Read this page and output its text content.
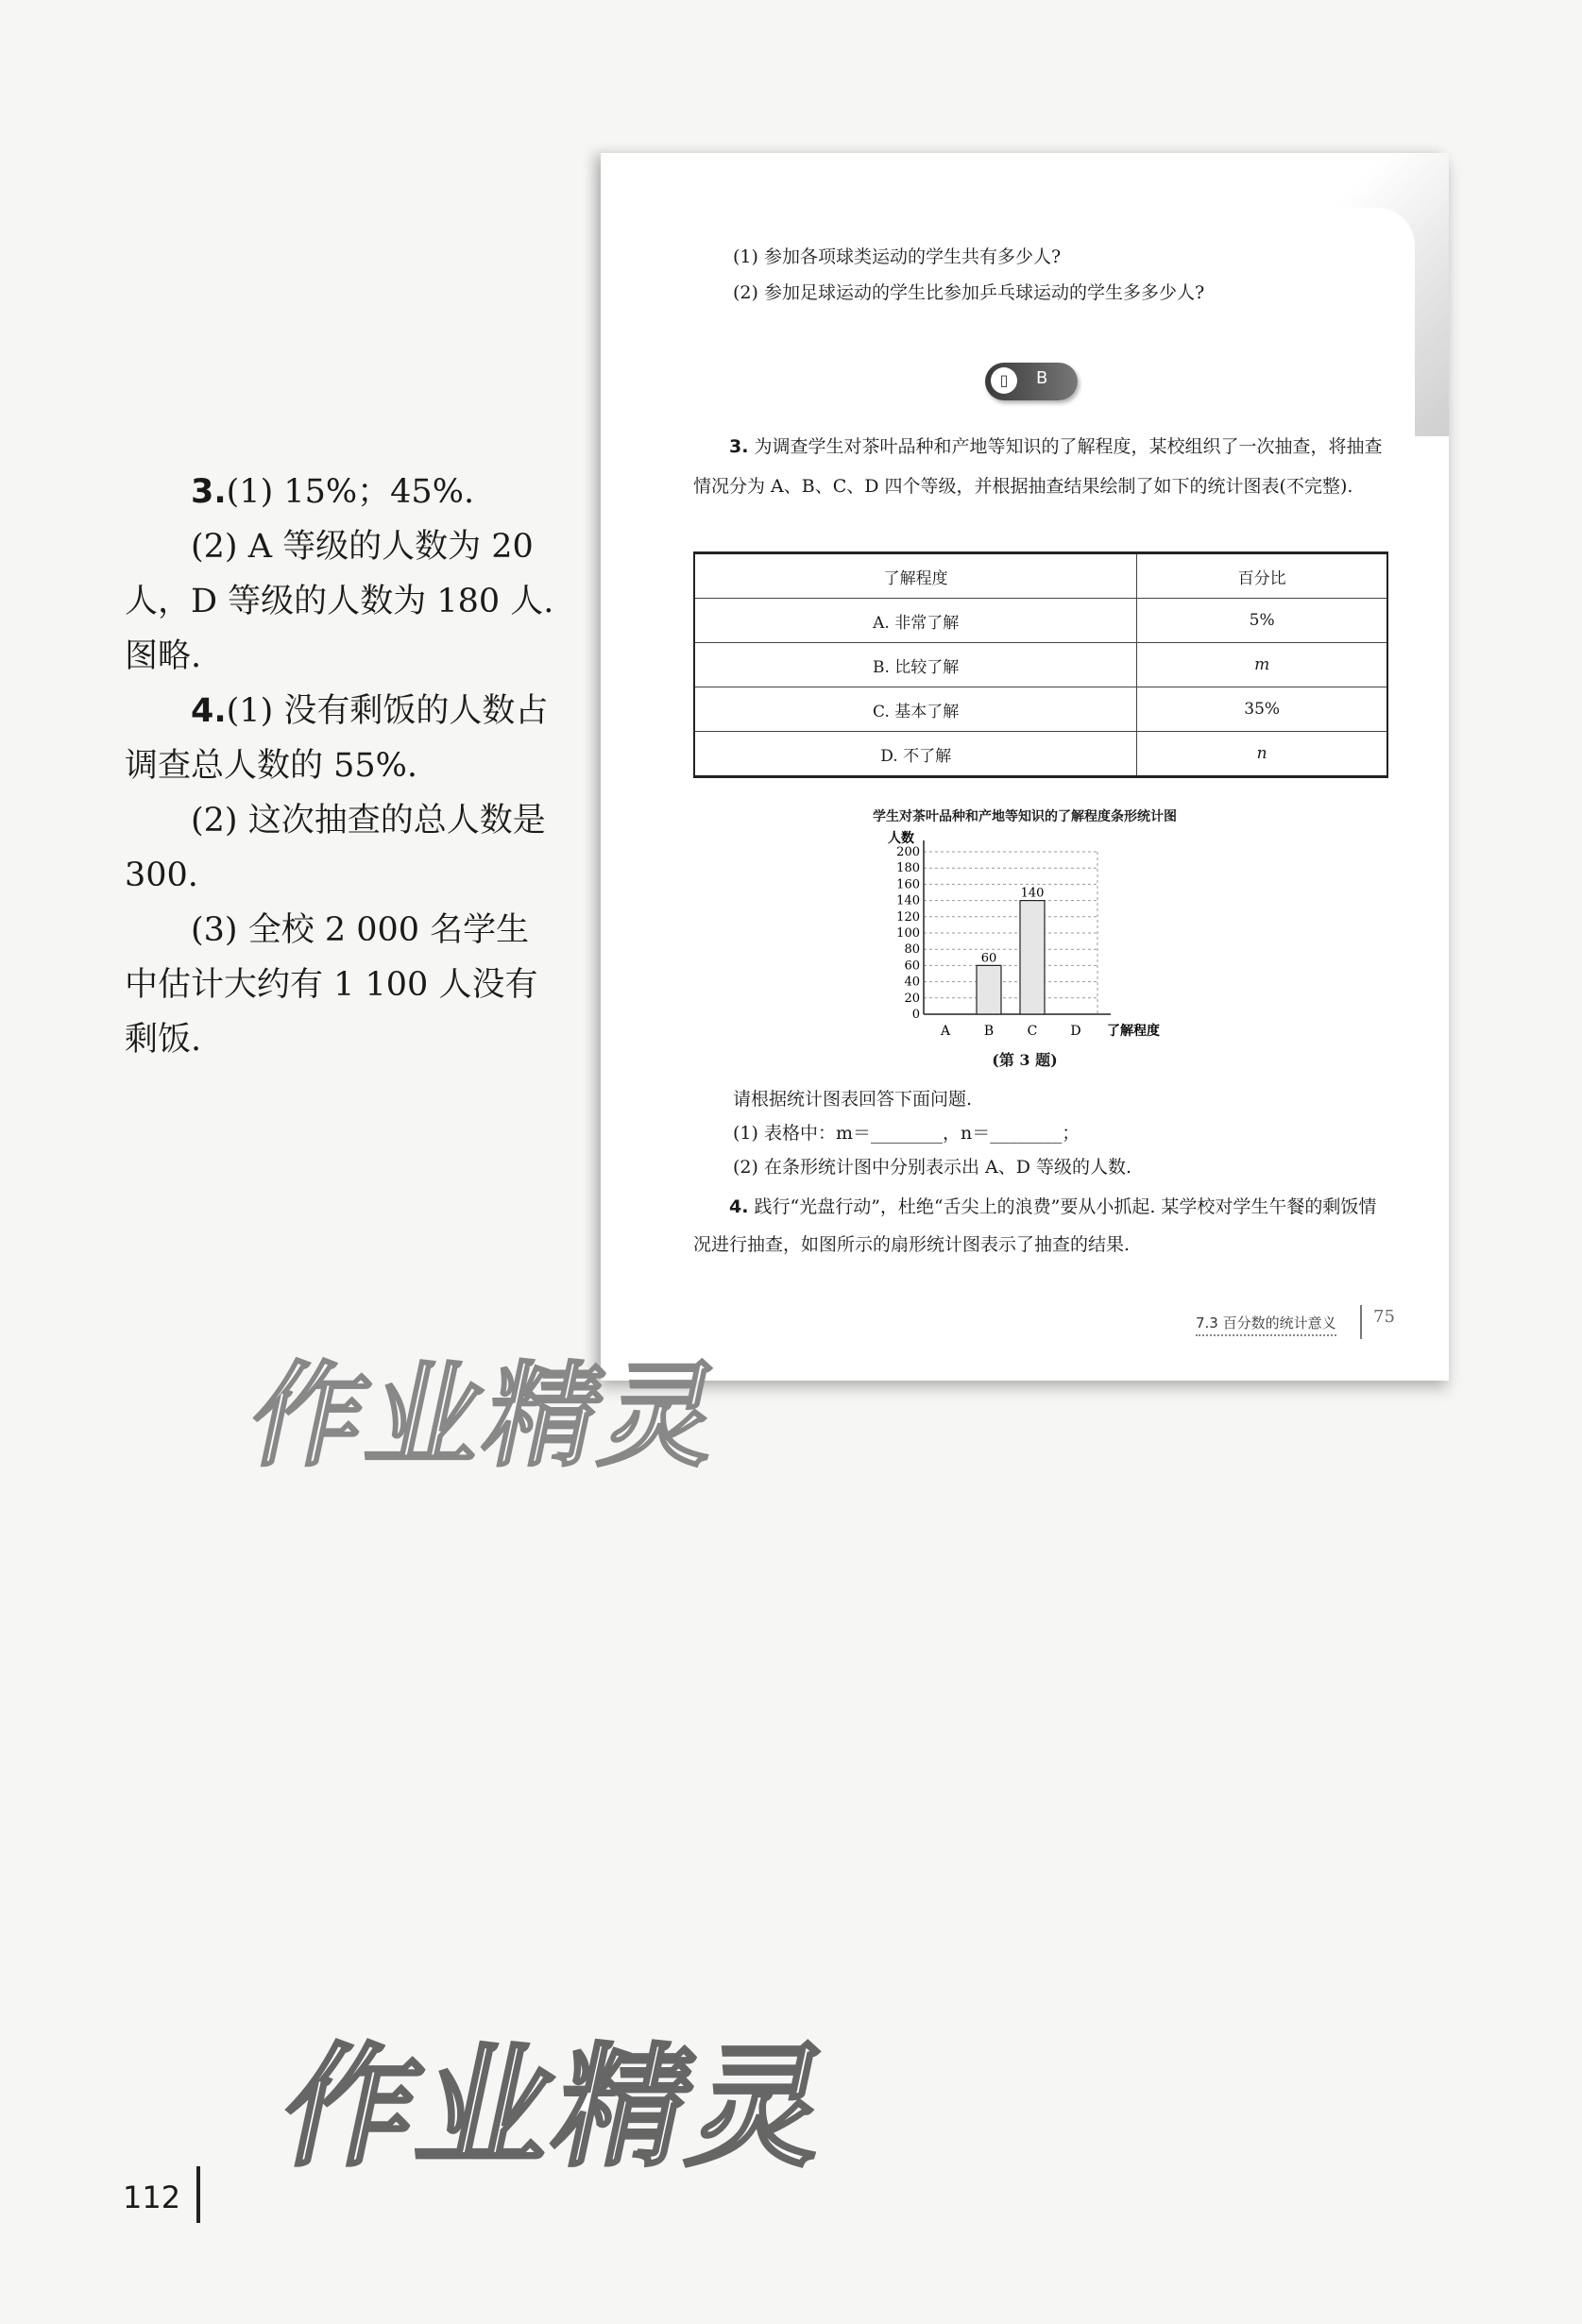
3.(1) 15%；45%.

(2) A 等级的人数为 20 人，D 等级的人数为 180 人. 图略.

4.(1) 没有剩饭的人数占调查总人数的 55%.

(2) 这次抽查的总人数是 300.

(3) 全校 2 000 名学生中估计大约有 1 100 人没有剩饭.

(1) 参加各项球类运动的学生共有多少人?
(2) 参加足球运动的学生比参加乒乓球运动的学生多多少人?
▯	B
3. 为调查学生对茶叶品种和产地等知识的了解程度，某校组织了一次抽查，将抽查情况分为 A、B、C、D 四个等级，并根据抽查结果绘制了如下的统计图表(不完整).
了解程度	百分比
A. 非常了解	5%
B. 比较了解	m
C. 基本了解	35%
D. 不了解	n
学生对茶叶品种和产地等知识的了解程度条形统计图
0
20
40
60
80
100
120
140
160
180
200
人数
了解程度
A	B
60
C
140
D
(第 3 题)
请根据统计图表回答下面问题.
(1) 表格中：m＝________，n＝________；
(2) 在条形统计图中分别表示出 A、D 等级的人数.
4. 践行“光盘行动”，杜绝“舌尖上的浪费”要从小抓起. 某学校对学生午餐的剩饭情况进行抽查，如图所示的扇形统计图表示了抽查的结果.
7.3 百分数的统计意义 75
作业精灵
作业精灵
112
